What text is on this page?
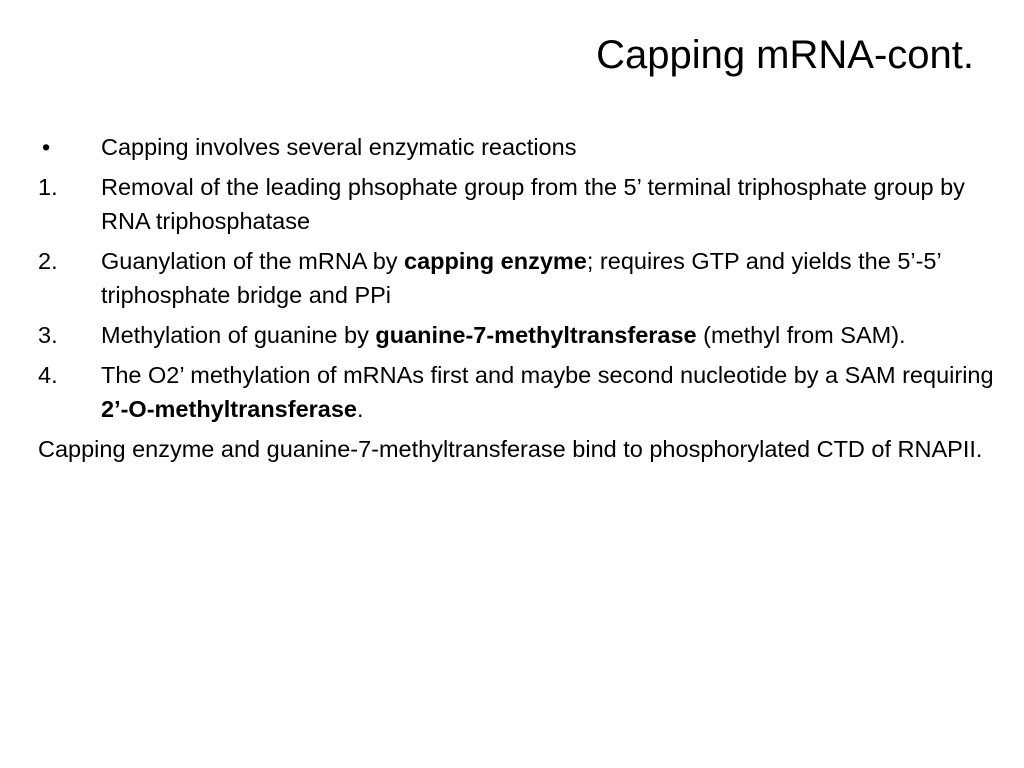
Capping mRNA-cont.
• Capping involves several enzymatic reactions
1. Removal of the leading phsophate group from the 5’ terminal triphosphate group by RNA triphosphatase
2. Guanylation of the mRNA by capping enzyme; requires GTP and yields the 5’-5’ triphosphate bridge and PPi
3. Methylation of guanine by guanine-7-methyltransferase (methyl from SAM).
4. The O2’ methylation of mRNAs first and maybe second nucleotide by a SAM requiring 2’-O-methyltransferase.
Capping enzyme and guanine-7-methyltransferase bind to phosphorylated CTD of RNAPII.
